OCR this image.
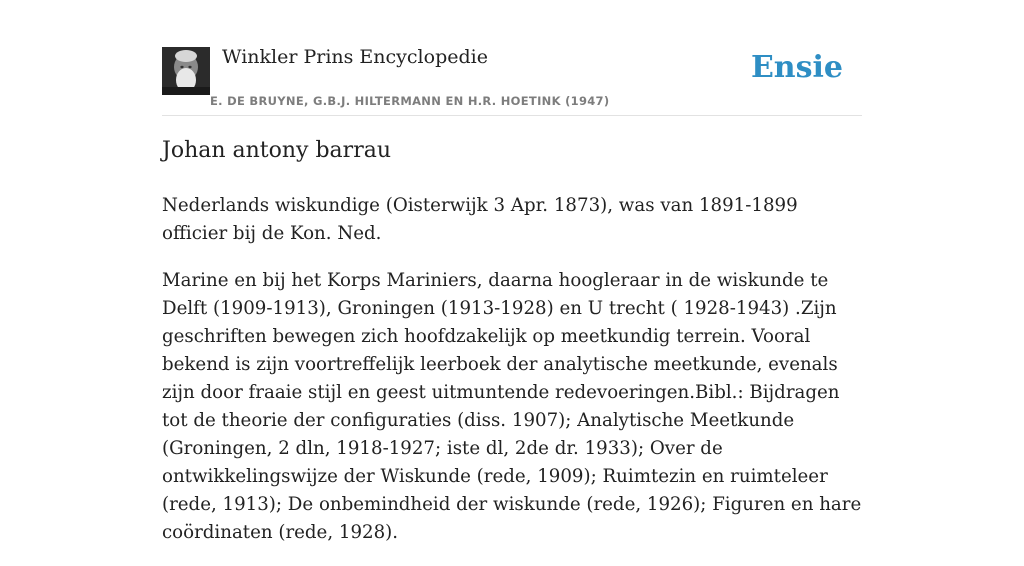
Winkler Prins Encyclopedie
E. DE BRUYNE, G.B.J. HILTERMANN EN H.R. HOETINK (1947)
Ensie
Johan antony barrau

Nederlands wiskundige (Oisterwijk 3 Apr. 1873), was van 1891-1899 officier bij de Kon. Ned.

Marine en bij het Korps Mariniers, daarna hoogleraar in de wiskunde te Delft (1909-1913), Groningen (1913-1928) en U trecht ( 1928-1943) .Zijn geschriften bewegen zich hoofdzakelijk op meetkundig terrein. Vooral bekend is zijn voortreffelijk leerboek der analytische meetkunde, evenals zijn door fraaie stijl en geest uitmuntende redevoeringen.Bibl.: Bijdragen tot de theorie der configuraties (diss. 1907); Analytische Meetkunde (Groningen, 2 dln, 1918-1927; iste dl, 2de dr. 1933); Over de ontwikkelingswijze der Wiskunde (rede, 1909); Ruimtezin en ruimteleer (rede, 1913); De onbemindheid der wiskunde (rede, 1926); Figuren en hare coördinaten (rede, 1928).
